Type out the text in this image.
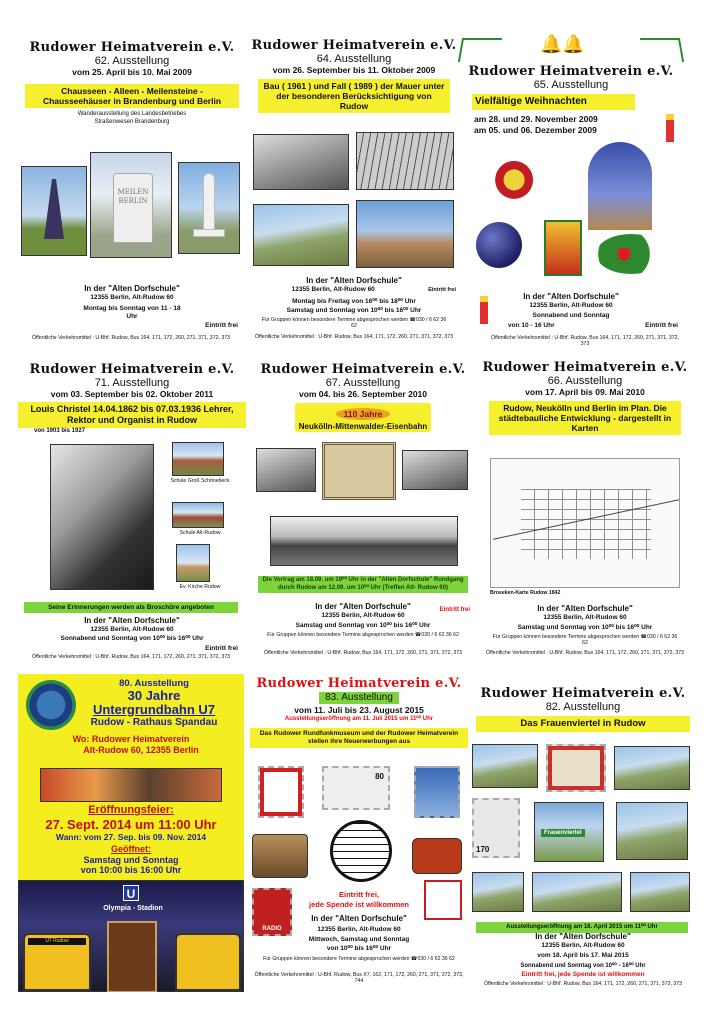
Rudower Heimatverein e.V.
62. Ausstellung
vom 25. April bis 10. Mai 2009
Chausseen - Alleen - Meilensteine - Chausseehäuser in Brandenburg und Berlin
Wanderausstellung des Landesbetriebes Straßenwesen Brandenburg
MEILEN
BERLIN
In der "Alten Dorfschule"
12355 Berlin, Alt-Rudow 60
Montag bis Sonntag von 11 - 18 Uhr
Eintritt frei
Öffentliche Verkehrsmittel : U-Bhf. Rudow, Bus 164, 171, 172, 260, 271, 371, 372, 373
Rudower Heimatverein e.V.
64. Ausstellung
vom 26. September bis 11. Oktober 2009
Bau ( 1961 ) und Fall ( 1989 ) der Mauer unter der besonderen Berücksichtigung von Rudow
In der "Alten Dorfschule"
12355 Berlin, Alt-Rudow 60	Eintritt frei
Montag bis Freitag von 16⁰⁰ bis 18⁰⁰ Uhr
Samstag und Sonntag von 10⁰⁰ bis 16⁰⁰ Uhr
Für Gruppen können besondere Termine abgesprochen werden ☎030 / 6 62 36 62
Öffentliche Verkehrsmittel : U-Bhf. Rudow, Bus 164, 171, 172, 260, 271, 371, 372, 373
🔔🔔
Rudower Heimatverein e.V.
65. Ausstellung
Vielfältige Weihnachten
am 28. und 29. November 2009
am 05. und 06. Dezember 2009
In der "Alten Dorfschule"
12355 Berlin, Alt-Rudow 60
Sonnabend und Sonntag
von 10 - 16 Uhr	Eintritt frei
Öffentliche Verkehrsmittel : U-Bhf. Rudow, Bus 164, 171, 172, 260, 271, 371, 372, 373
Rudower Heimatverein e.V.
71. Ausstellung
vom 03. September bis 02. Oktober 2011
Louis Christel 14.04.1862 bis 07.03.1936 Lehrer, Rektor und Organist in Rudow
von 1903 bis 1927
Schule Groß Schönebeck
Schule Alt-Rudow
Ev. Kirche Rudow
Seine Erinnerungen werden als Broschüre angeboten
In der "Alten Dorfschule"
12355 Berlin, Alt-Rudow 60
Sonnabend und Sonntag von 10⁰⁰ bis 16⁰⁰ Uhr
Eintritt frei
Öffentliche Verkehrsmittel : U-Bhf. Rudow, Bus 164, 171, 172, 260, 271, 371, 372, 373
Rudower Heimatverein e.V.
67. Ausstellung
vom 04. bis 26. September 2010
110 Jahre
Neukölln-Mittenwalder-Eisenbahn
Die Vortrag am 18.09. um 19⁰⁰ Uhr in der "Alten Dorfschule" Rundgang durch Rudow am 12.09. um 10⁰⁰ Uhr (Treffen Alt- Rudow 60)
In der "Alten Dorfschule"	Eintritt frei
12355 Berlin, Alt-Rudow 60
Samstag und Sonntag von 10⁰⁰ bis 16⁰⁰ Uhr
Für Gruppen können besondere Termine abgesprochen werden ☎030 / 6 62 36 62
Öffentliche Verkehrsmittel : U-Bhf. Rudow, Bus 164, 171, 172, 260, 271, 371, 372, 373
Rudower Heimatverein e.V.
66. Ausstellung
vom 17. April bis 09. Mai 2010
Rudow, Neukölln und Berlin im Plan. Die städtebauliche Entwicklung - dargestellt in Karten
Broseken-Karte Rudow 1842
In der "Alten Dorfschule"
12355 Berlin, Alt-Rudow 60
Samstag und Sonntag von 10⁰⁰ bis 16⁰⁰ Uhr
Für Gruppen können besondere Termine abgesprochen werden ☎030 / 6 62 36 62
Öffentliche Verkehrsmittel : U-Bhf. Rudow, Bus 164, 171, 172, 260, 271, 371, 372, 373
80. Ausstellung
30 Jahre
Untergrundbahn U7
Rudow - Rathaus Spandau
Wo: Rudower Heimatverein
Alt-Rudow 60, 12355 Berlin
Eröffnungsfeier:
27. Sept. 2014 um 11:00 Uhr
Wann: vom 27. Sep. bis 09. Nov. 2014
Geöffnet:
Samstag und Sonntag
von 10:00 bis 16:00 Uhr
U
Olympia - Stadion
U7 Rudow
Rudower Heimatverein e.V.
83. Ausstellung
vom 11. Juli bis 23. August 2015
Ausstellungseröffnung am 11. Juli 2015 um 11⁰⁰ Uhr
Das Rudower Rundfunkmuseum und der Rudower Heimatverein stellen ihre Neuerwerbungen aus
80
RADIO
Eintritt frei,
jede Spende ist willkommen
In der "Alten Dorfschule"
12355 Berlin, Alt-Rudow 60
Mittwoch, Samstag und Sonntag
von 10⁰⁰ bis 16⁰⁰ Uhr
Für Gruppen können besondere Termine abgesprochen werden ☎030 / 6 62 36 62
Öffentliche Verkehrsmittel : U-Bhf. Rudow, Bus X7, 162, 171, 172, 260, 271, 371, 372, 373, 744
Rudower Heimatverein e.V.
82. Ausstellung
Das Frauenviertel in Rudow
170
Frauenviertel
Ausstellungseröffnung am 18. April 2015 um 11⁰⁰ Uhr
In der "Alten Dorfschule"
12355 Berlin, Alt-Rudow 60
vom 18. April bis 17. Mai 2015
Sonnabend und Sonntag von 10⁰⁰ - 16⁰⁰ Uhr
Eintritt frei, jede Spende ist willkommen
Öffentliche Verkehrsmittel : U-Bhf. Rudow, Bus 164, 171, 172, 260, 271, 371, 372, 373
